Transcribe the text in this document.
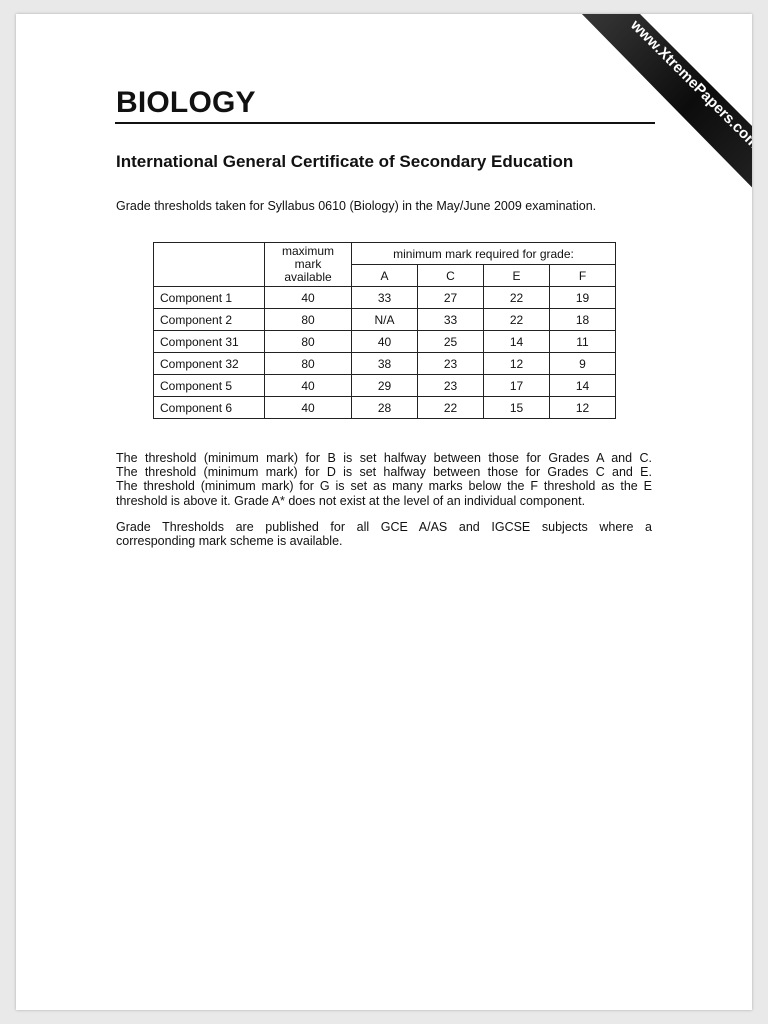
BIOLOGY
International General Certificate of Secondary Education
Grade thresholds taken for Syllabus 0610 (Biology) in the May/June 2009 examination.

	maximum
mark
available	minimum mark required for grade:			
		A	C	E	F
Component 1	40	33	27	22	19
Component 2	80	N/A	33	22	18
Component 31	80	40	25	14	11
Component 32	80	38	23	12	9
Component 5	40	29	23	17	14
Component 6	40	28	22	15	12

The threshold (minimum mark) for B is set halfway between those for Grades A and C.

The threshold (minimum mark) for D is set halfway between those for Grades C and E.

The threshold (minimum mark) for G is set as many marks below the F threshold as the E

threshold is above it. Grade A* does not exist at the level of an individual component.

Grade Thresholds are published for all GCE A/AS and IGCSE subjects where a
corresponding mark scheme is available.
www.XtremePapers.com
